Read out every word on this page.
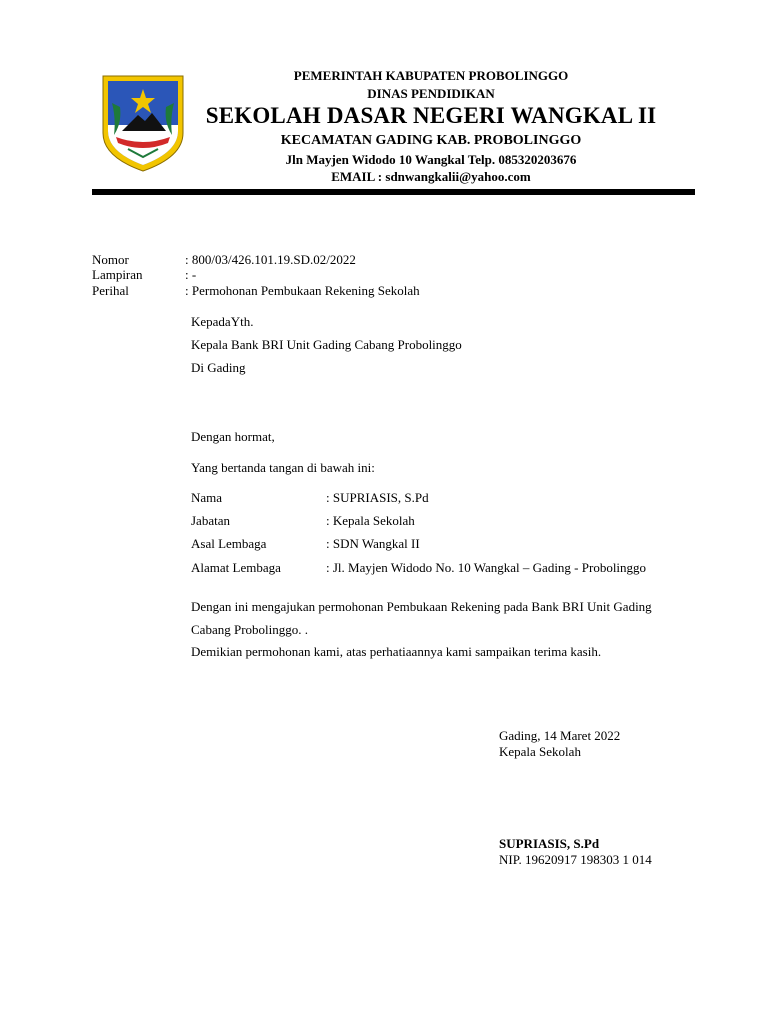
PEMERINTAH KABUPATEN PROBOLINGGO
DINAS PENDIDIKAN
SEKOLAH DASAR NEGERI WANGKAL II
KECAMATAN GADING KAB. PROBOLINGGO
Jln Mayjen Widodo 10 Wangkal Telp. 085320203676
EMAIL : sdnwangkalii@yahoo.com
Nomor	: 800/03/426.101.19.SD.02/2022
Lampiran	: -
Perihal	: Permohonan Pembukaan Rekening Sekolah
KepadaYth.
Kepala Bank BRI Unit Gading Cabang Probolinggo
Di Gading
Dengan hormat,
Yang bertanda tangan di bawah ini:
Nama	: SUPRIASIS, S.Pd
Jabatan	: Kepala Sekolah
Asal Lembaga	: SDN Wangkal II
Alamat Lembaga	: Jl. Mayjen Widodo No. 10 Wangkal – Gading - Probolinggo
Dengan ini mengajukan permohonan Pembukaan Rekening pada Bank BRI Unit Gading
Cabang Probolinggo. .
Demikian permohonan kami, atas perhatiaannya kami sampaikan terima kasih.
Gading, 14 Maret 2022
Kepala Sekolah
SUPRIASIS, S.Pd
NIP. 19620917 198303 1 014
